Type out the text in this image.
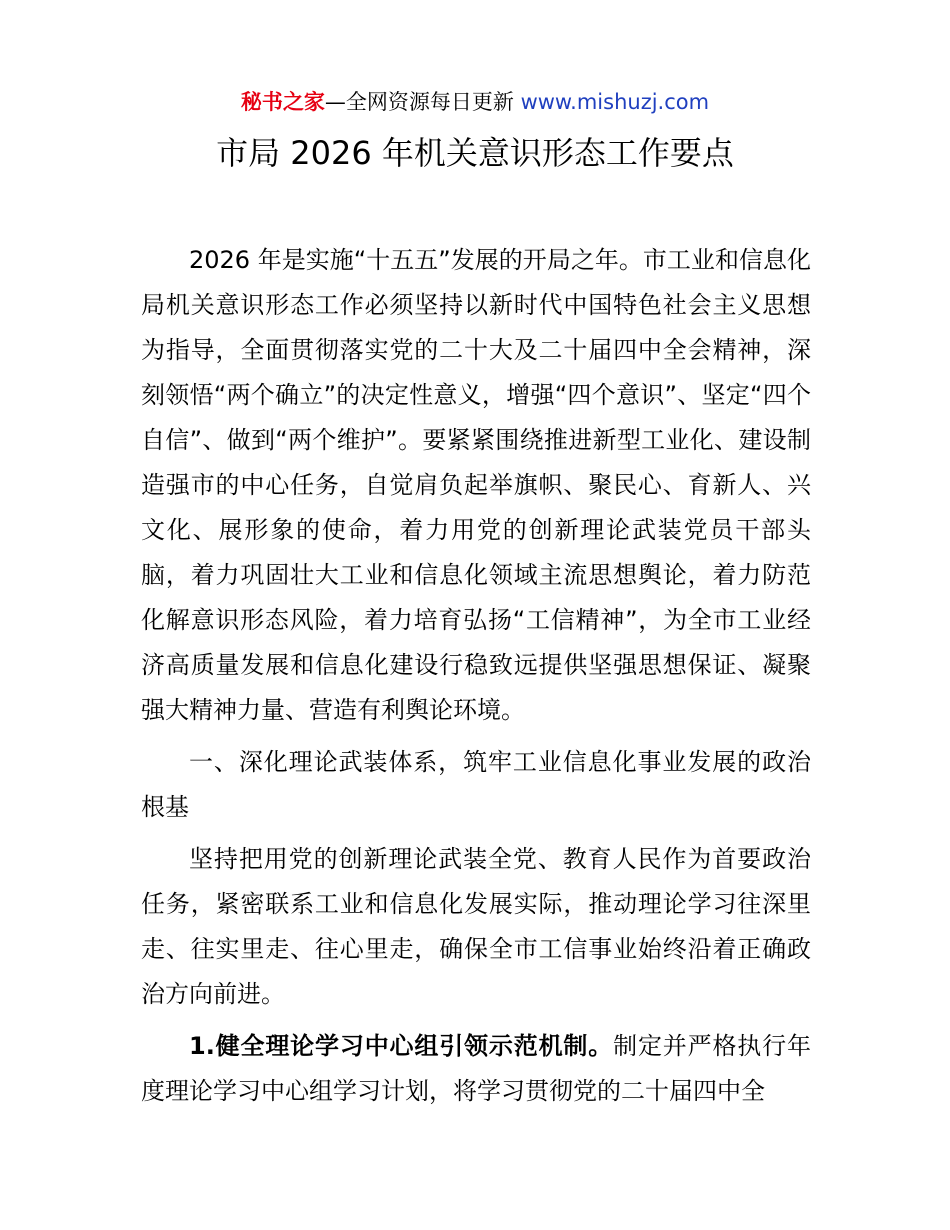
秘书之家—全网资源每日更新 www.mishuzj.com
市局 2026 年机关意识形态工作要点

2026 年是实施“十五五”发展的开局之年。市工业和信息化局机关意识形态工作必须坚持以新时代中国特色社会主义思想为指导，全面贯彻落实党的二十大及二十届四中全会精神，深刻领悟“两个确立”的决定性意义，增强“四个意识”、坚定“四个自信”、做到“两个维护”。要紧紧围绕推进新型工业化、建设制造强市的中心任务，自觉肩负起举旗帜、聚民心、育新人、兴文化、展形象的使命，着力用党的创新理论武装党员干部头脑，着力巩固壮大工业和信息化领域主流思想舆论，着力防范化解意识形态风险，着力培育弘扬“工信精神”，为全市工业经济高质量发展和信息化建设行稳致远提供坚强思想保证、凝聚强大精神力量、营造有利舆论环境。

一、深化理论武装体系，筑牢工业信息化事业发展的政治根基

坚持把用党的创新理论武装全党、教育人民作为首要政治任务，紧密联系工业和信息化发展实际，推动理论学习往深里走、往实里走、往心里走，确保全市工信事业始终沿着正确政治方向前进。

1.健全理论学习中心组引领示范机制。制定并严格执行年度理论学习中心组学习计划，将学习贯彻党的二十届四中全
